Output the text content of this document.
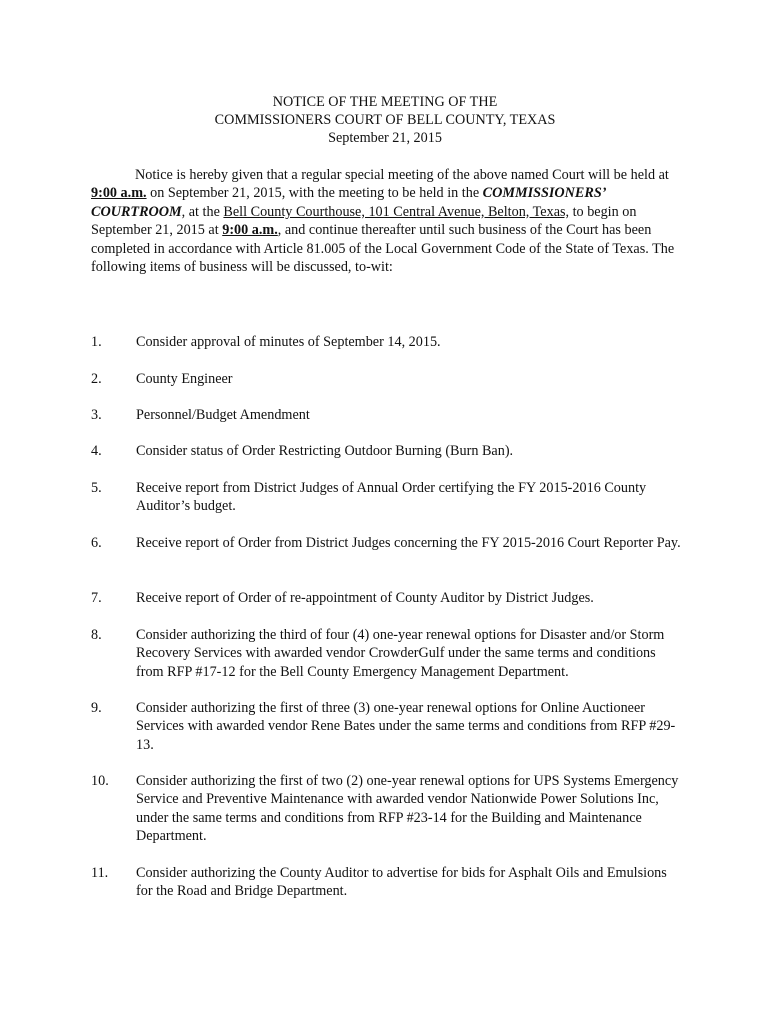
NOTICE OF THE MEETING OF THE
COMMISSIONERS COURT OF BELL COUNTY, TEXAS
September 21, 2015
Notice is hereby given that a regular special meeting of the above named Court will be held at 9:00 a.m. on September 21, 2015, with the meeting to be held in the COMMISSIONERS’ COURTROOM, at the Bell County Courthouse, 101 Central Avenue, Belton, Texas, to begin on September 21, 2015 at 9:00 a.m., and continue thereafter until such business of the Court has been completed in accordance with Article 81.005 of the Local Government Code of the State of Texas. The following items of business will be discussed, to-wit:
1. Consider approval of minutes of September 14, 2015.
2. County Engineer
3. Personnel/Budget Amendment
4. Consider status of Order Restricting Outdoor Burning (Burn Ban).
5. Receive report from District Judges of Annual Order certifying the FY 2015-2016 County Auditor’s budget.
6. Receive report of Order from District Judges concerning the FY 2015-2016 Court Reporter Pay.
7. Receive report of Order of re-appointment of County Auditor by District Judges.
8. Consider authorizing the third of four (4) one-year renewal options for Disaster and/or Storm Recovery Services with awarded vendor CrowderGulf under the same terms and conditions from RFP #17-12 for the Bell County Emergency Management Department.
9. Consider authorizing the first of three (3) one-year renewal options for Online Auctioneer Services with awarded vendor Rene Bates under the same terms and conditions from RFP #29-13.
10. Consider authorizing the first of two (2) one-year renewal options for UPS Systems Emergency Service and Preventive Maintenance with awarded vendor Nationwide Power Solutions Inc, under the same terms and conditions from RFP #23-14 for the Building and Maintenance Department.
11. Consider authorizing the County Auditor to advertise for bids for Asphalt Oils and Emulsions for the Road and Bridge Department.
